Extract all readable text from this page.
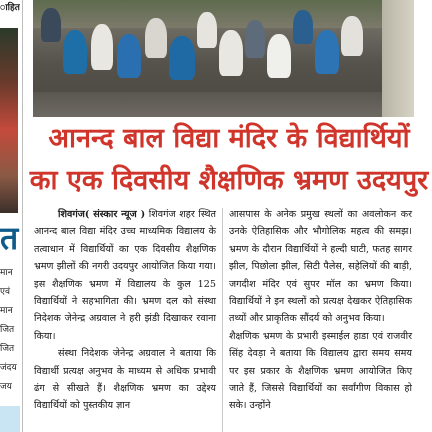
ाहित
त
मान
एवं
मान
जित
जित
जंदय
जय
आनन्द बाल विद्या मंदिर के विद्यार्थियों
का एक दिवसीय शैक्षणिक भ्रमण उदयपुर

शिवगंज( संस्कार न्यूज ) शिवगंज शहर स्थित आनन्द बाल विद्या मंदिर उच्च माध्यमिक विद्यालय के तत्वाधान में विद्यार्थियों का एक दिवसीय शैक्षणिक भ्रमण झीलों की नगरी उदयपुर आयोजित किया गया। इस शैक्षणिक भ्रमण में विद्यालय के कुल 125 विद्यार्थियों ने सहभागिता की। भ्रमण दल को संस्था निदेशक जेनेन्द्र अग्रवाल ने हरी झंडी दिखाकर रवाना किया।

संस्था निदेशक जेनेन्द्र अग्रवाल ने बताया कि विद्यार्थी प्रत्यक्ष अनुभव के माध्यम से अधिक प्रभावी ढंग से सीखते हैं। शैक्षणिक भ्रमण का उद्देश्य विद्यार्थियों को पुस्तकीय ज्ञान

आसपास के अनेक प्रमुख स्थलों का अवलोकन कर उनके ऐतिहासिक और भौगोलिक महत्व की समझ। भ्रमण के दौरान विद्यार्थियों ने हल्दी घाटी, फतह सागर झील, पिछोला झील, सिटी पैलेस, सहेलियों की बाड़ी, जगदीश मंदिर एवं सुपर मॉल का भ्रमण किया। विद्यार्थियों ने इन स्थलों को प्रत्यक्ष देखकर ऐतिहासिक तथ्यों और प्राकृतिक सौंदर्य को अनुभव किया।

शैक्षणिक भ्रमण के प्रभारी इस्माईल हाडा एवं राजवीर सिंह देवड़ा ने बताया कि विद्यालय द्वारा समय समय पर इस प्रकार के शैक्षणिक भ्रमण आयोजित किए जाते हैं, जिससे विद्यार्थियों का सर्वांगीण विकास हो सके। उन्होंने
